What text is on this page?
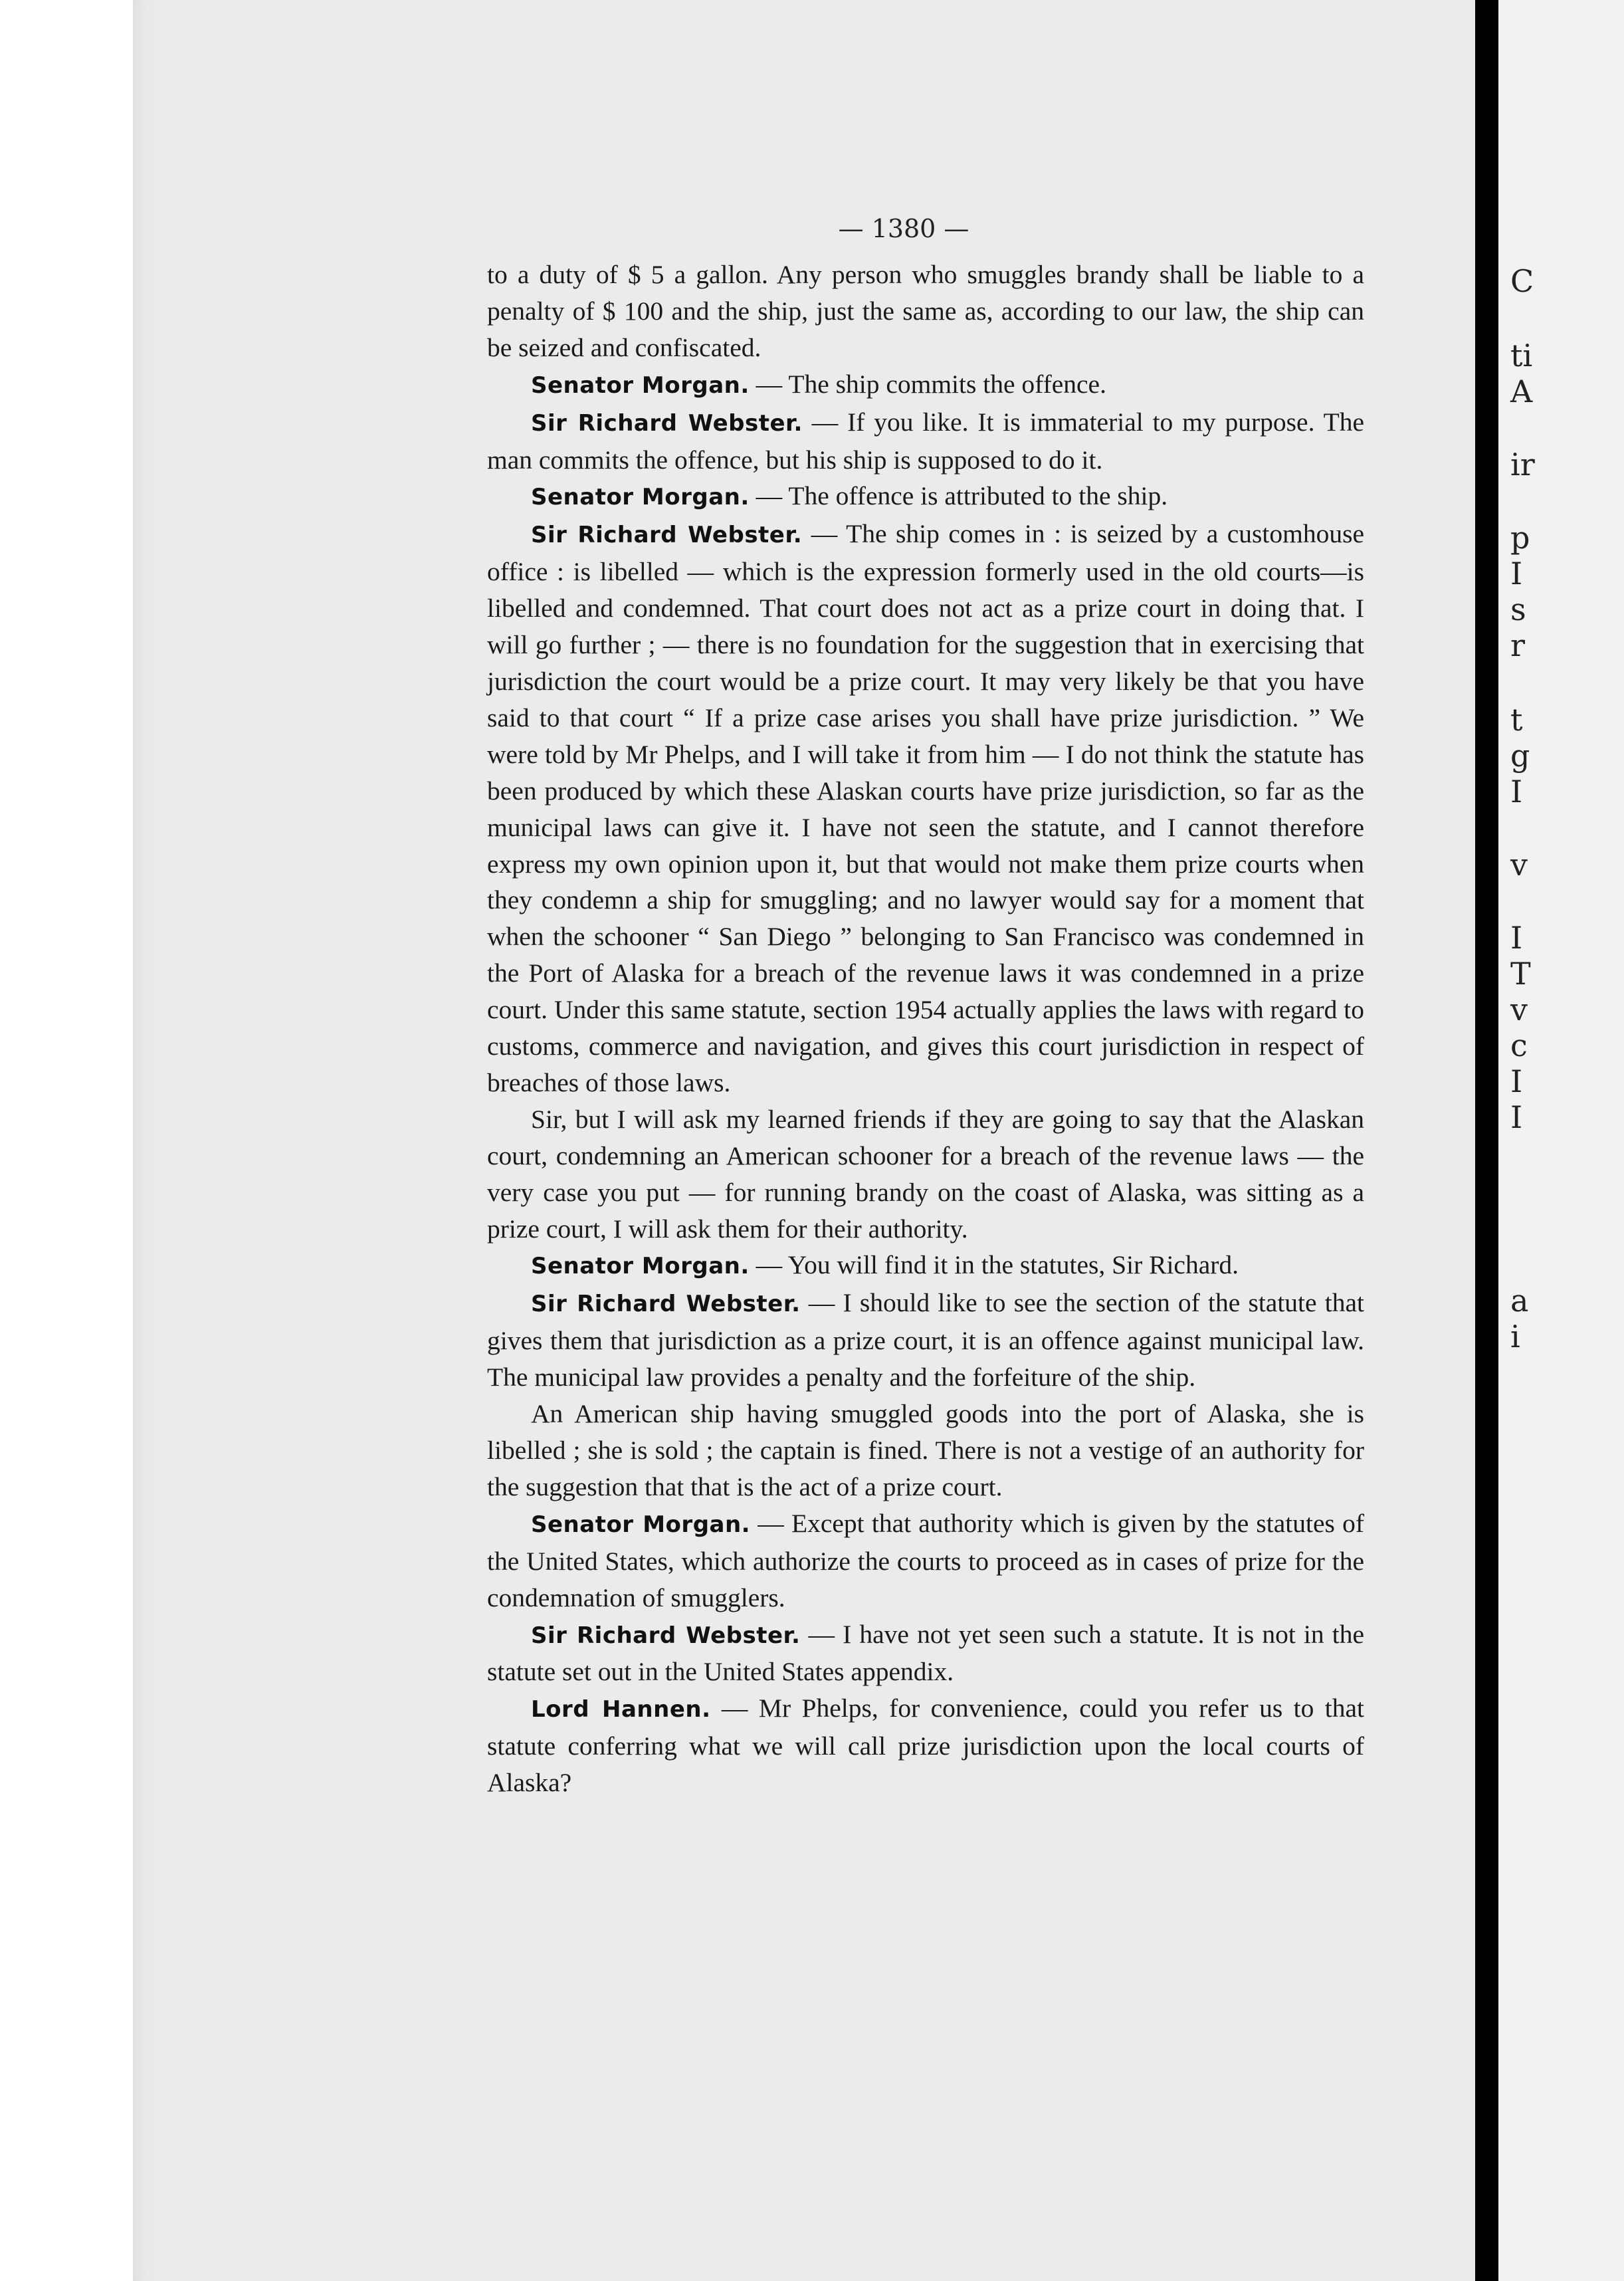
— 1380 —

to a duty of $ 5 a gallon. Any person who smuggles brandy shall be liable to a penalty of $ 100 and the ship, just the same as, according to our law, the ship can be seized and confiscated.

Senator Morgan. — The ship commits the offence.

Sir Richard Webster. — If you like. It is immaterial to my purpose. The man commits the offence, but his ship is supposed to do it.

Senator Morgan. — The offence is attributed to the ship.

Sir Richard Webster. — The ship comes in : is seized by a customhouse office : is libelled — which is the expression formerly used in the old courts—is libelled and condemned. That court does not act as a prize court in doing that. I will go further ; — there is no foundation for the suggestion that in exercising that jurisdiction the court would be a prize court. It may very likely be that you have said to that court “ If a prize case arises you shall have prize jurisdiction. ” We were told by Mr Phelps, and I will take it from him — I do not think the statute has been produced by which these Alaskan courts have prize jurisdiction, so far as the municipal laws can give it. I have not seen the statute, and I cannot therefore express my own opinion upon it, but that would not make them prize courts when they condemn a ship for smuggling; and no lawyer would say for a moment that when the schooner “ San Diego ” belonging to San Francisco was condemned in the Port of Alaska for a breach of the revenue laws it was condemned in a prize court. Under this same statute, section 1954 actually applies the laws with regard to customs, commerce and navigation, and gives this court jurisdiction in respect of breaches of those laws.

Sir, but I will ask my learned friends if they are going to say that the Alaskan court, condemning an American schooner for a breach of the revenue laws — the very case you put — for running brandy on the coast of Alaska, was sitting as a prize court, I will ask them for their authority.

Senator Morgan. — You will find it in the statutes, Sir Richard.

Sir Richard Webster. — I should like to see the section of the statute that gives them that jurisdiction as a prize court, it is an offence against municipal law. The municipal law provides a penalty and the forfeiture of the ship.

An American ship having smuggled goods into the port of Alaska, she is libelled ; she is sold ; the captain is fined. There is not a vestige of an authority for the suggestion that that is the act of a prize court.

Senator Morgan. — Except that authority which is given by the statutes of the United States, which authorize the courts to proceed as in cases of prize for the condemnation of smugglers.

Sir Richard Webster. — I have not yet seen such a statute. It is not in the statute set out in the United States appendix.

Lord Hannen. — Mr Phelps, for convenience, could you refer us to that statute conferring what we will call prize jurisdiction upon the local courts of Alaska?

C
ti
A
ir
p
I
s
r
t
g
I
v
I
T
v
c
I
I
a
i
